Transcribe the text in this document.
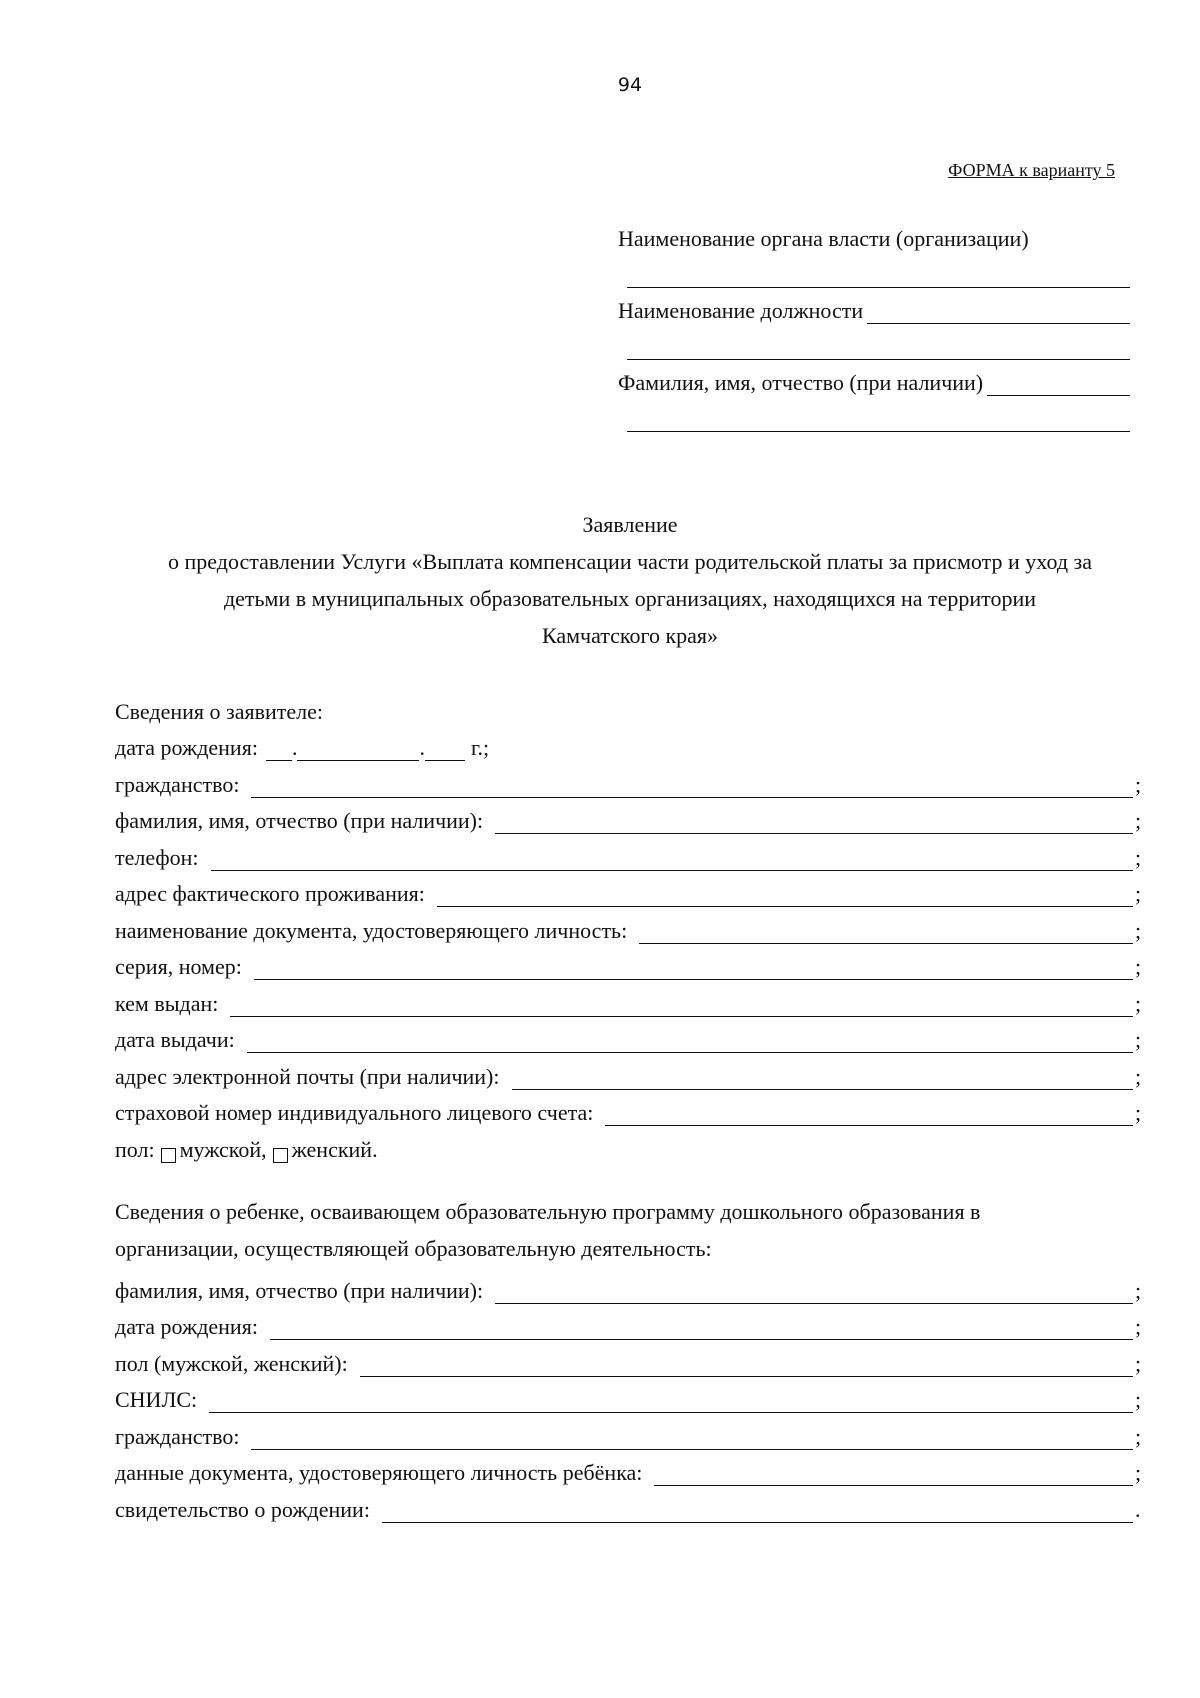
94
ФОРМА к варианту 5
Наименование органа власти (организации)
Наименование должности
Фамилия, имя, отчество (при наличии)
Заявление
о предоставлении Услуги «Выплата компенсации части родительской платы за присмотр и уход за
детьми в муниципальных образовательных организациях, находящихся на территории
Камчатского края»
Сведения о заявителе:
дата рождения: .	. г.;
гражданство:	;
фамилия, имя, отчество (при наличии):	;
телефон:	;
адрес фактического проживания:	;
наименование документа, удостоверяющего личность:	;
серия, номер:	;
кем выдан:	;
дата выдачи:	;
адрес электронной почты (при наличии):	;
страховой номер индивидуального лицевого счета:	;
пол: мужской, женский.
Сведения о ребенке, осваивающем образовательную программу дошкольного образования в
организации, осуществляющей образовательную деятельность:
фамилия, имя, отчество (при наличии):	;
дата рождения:	;
пол (мужской, женский):	;
СНИЛС:	;
гражданство:	;
данные документа, удостоверяющего личность ребёнка:	;
свидетельство о рождении:	.
